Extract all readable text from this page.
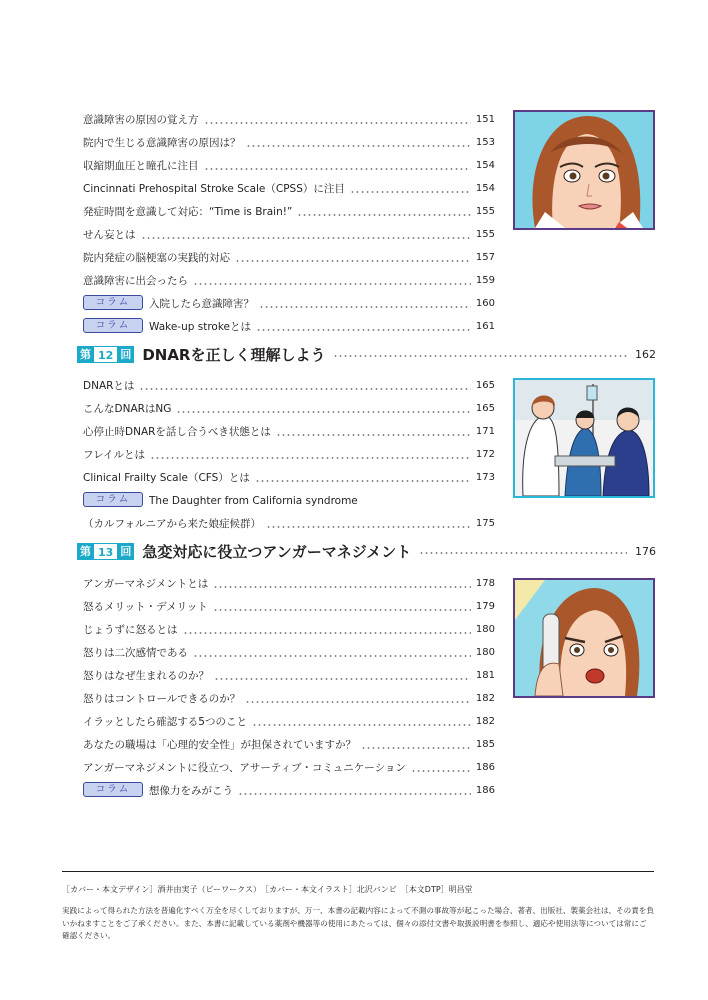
意識障害の原因の覚え方	151
院内で生じる意識障害の原因は？	153
収縮期血圧と瞳孔に注目	154
Cincinnati Prehospital Stroke Scale（CPSS）に注目	154
発症時間を意識して対応：“Time is Brain!”	155
せん妄とは	155
院内発症の脳梗塞の実践的対応	157
意識障害に出会ったら	159
コラム	入院したら意識障害？	160
コラム	Wake-up strokeとは	161
第 12 回 DNARを正しく理解しよう	162
DNARとは	165
こんなDNARはNG	165
心停止時DNARを話し合うべき状態とは	171
フレイルとは	172
Clinical Frailty Scale（CFS）とは	173
コラム	The Daughter from California syndrome
（カルフォルニアから来た娘症候群）	175
第 13 回 急変対応に役立つアンガーマネジメント	176
アンガーマネジメントとは	178
怒るメリット・デメリット	179
じょうずに怒るとは	180
怒りは二次感情である	180
怒りはなぜ生まれるのか？	181
怒りはコントロールできるのか？	182
イラッとしたら確認する5つのこと	182
あなたの職場は「心理的安全性」が担保されていますか？	185
アンガーマネジメントに役立つ、アサーティブ・コミュニケーション	186
コラム	想像力をみがこう	186
［カバー・本文デザイン］酒井由実子（ビーワークス）　［カバー・本文イラスト］北沢バンビ　［本文DTP］明昌堂
実践によって得られた方法を普遍化すべく万全を尽くしておりますが、万一、本書の記載内容によって不測の事故等が起こった場合、著者、出版社、製薬会社は、その責を負いかねますことをご了承ください。また、本書に記載している薬剤や機器等の使用にあたっては、個々の添付文書や取扱説明書を参照し、適応や使用法等については常にご確認ください。
